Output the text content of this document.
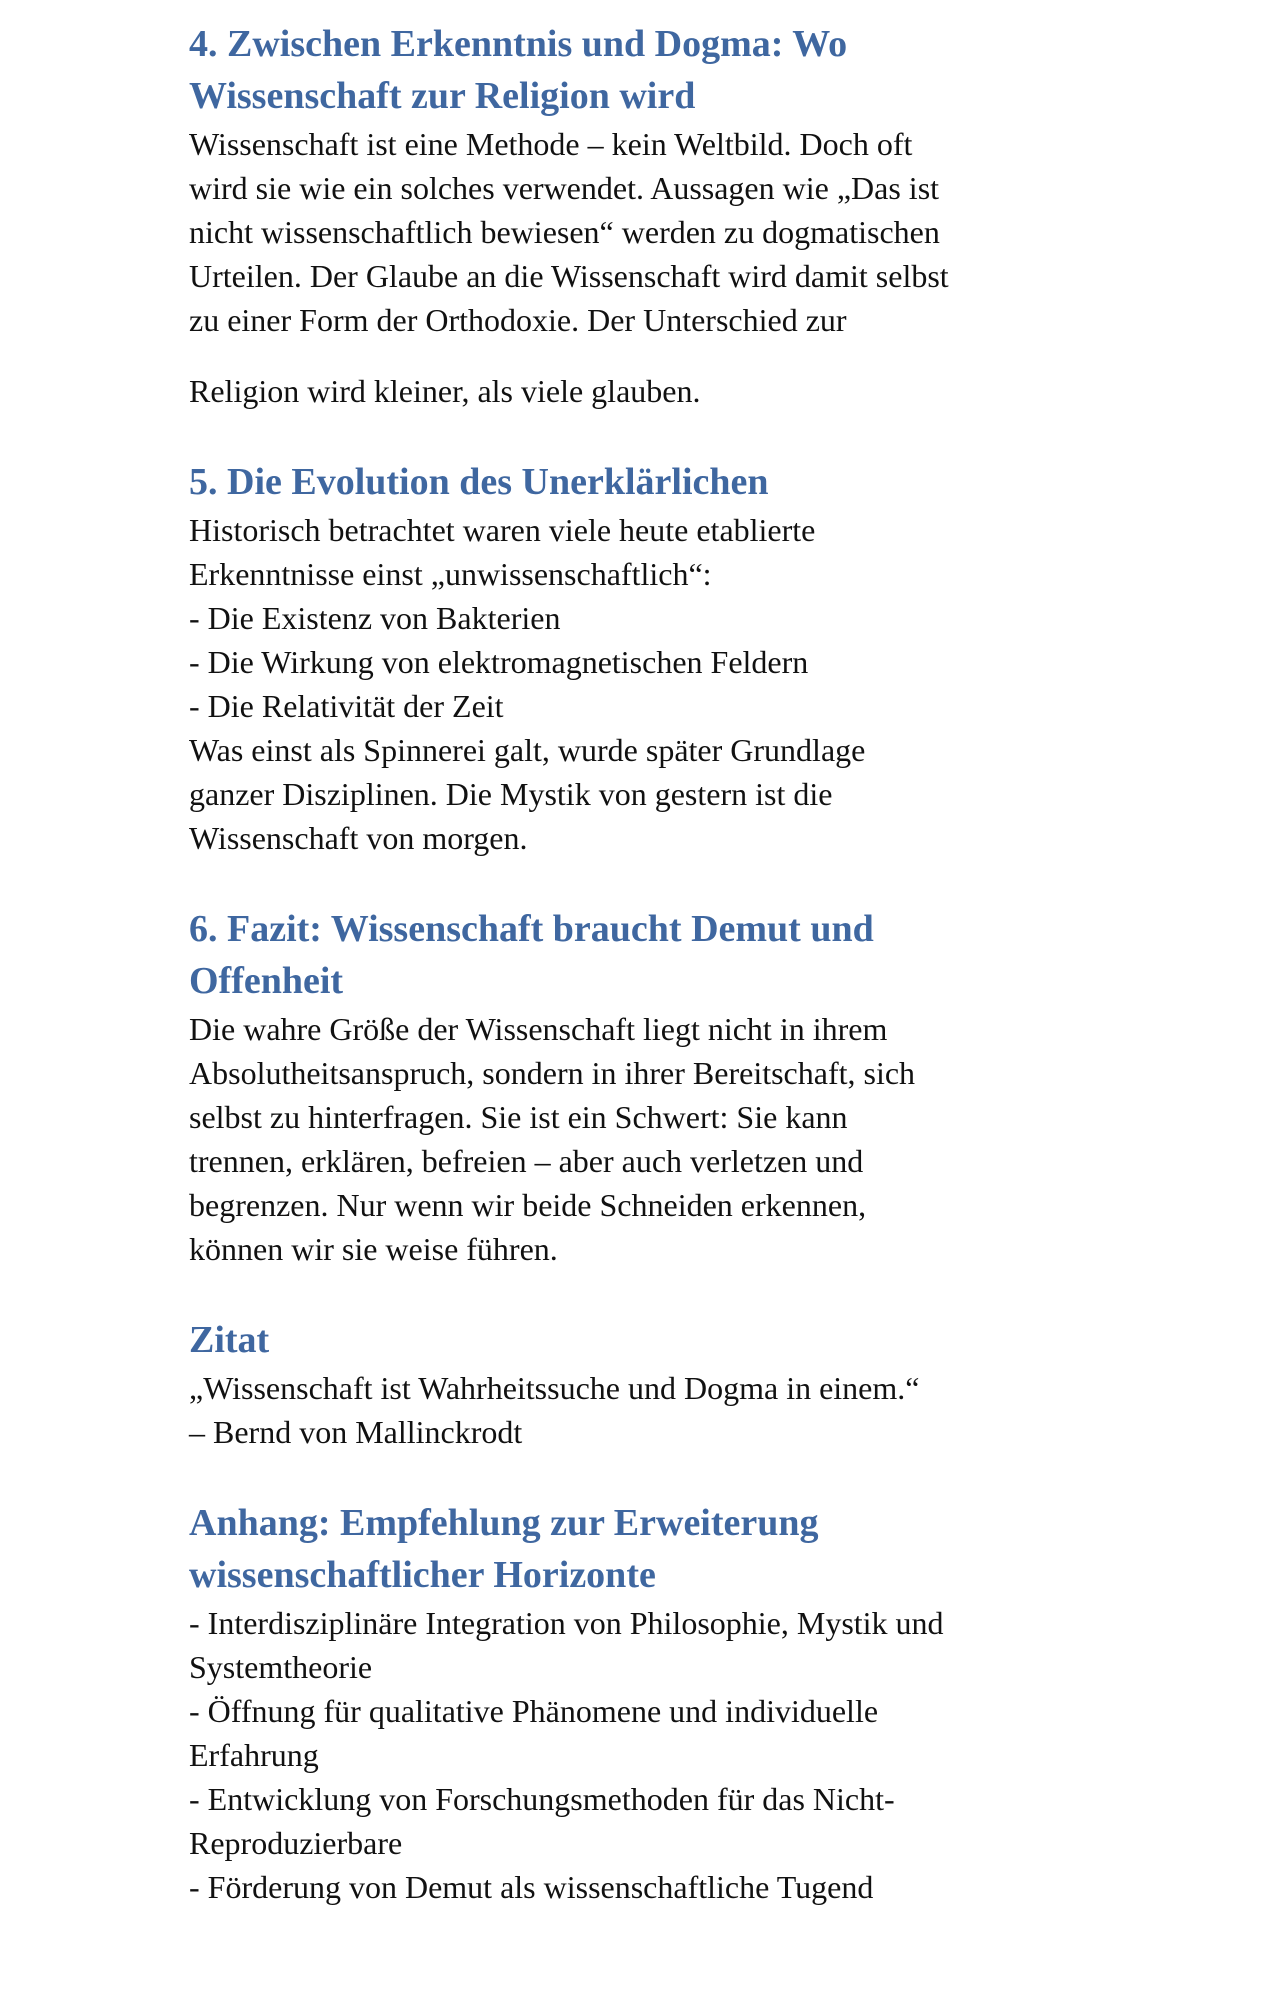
4. Zwischen Erkenntnis und Dogma: Wo
Wissenschaft zur Religion wird

Wissenschaft ist eine Methode – kein Weltbild. Doch oft

wird sie wie ein solches verwendet. Aussagen wie „Das ist

nicht wissenschaftlich bewiesen“ werden zu dogmatischen

Urteilen. Der Glaube an die Wissenschaft wird damit selbst

zu einer Form der Orthodoxie. Der Unterschied zur

Religion wird kleiner, als viele glauben.

5. Die Evolution des Unerklärlichen

Historisch betrachtet waren viele heute etablierte

Erkenntnisse einst „unwissenschaftlich“:

- Die Existenz von Bakterien

- Die Wirkung von elektromagnetischen Feldern

- Die Relativität der Zeit

Was einst als Spinnerei galt, wurde später Grundlage

ganzer Disziplinen. Die Mystik von gestern ist die

Wissenschaft von morgen.

6. Fazit: Wissenschaft braucht Demut und
Offenheit

Die wahre Größe der Wissenschaft liegt nicht in ihrem

Absolutheitsanspruch, sondern in ihrer Bereitschaft, sich

selbst zu hinterfragen. Sie ist ein Schwert: Sie kann

trennen, erklären, befreien – aber auch verletzen und

begrenzen. Nur wenn wir beide Schneiden erkennen,

können wir sie weise führen.

Zitat

„Wissenschaft ist Wahrheitssuche und Dogma in einem.“

– Bernd von Mallinckrodt

Anhang: Empfehlung zur Erweiterung
wissenschaftlicher Horizonte

- Interdisziplinäre Integration von Philosophie, Mystik und

Systemtheorie

- Öffnung für qualitative Phänomene und individuelle

Erfahrung

- Entwicklung von Forschungsmethoden für das Nicht-

Reproduzierbare

- Förderung von Demut als wissenschaftliche Tugend
